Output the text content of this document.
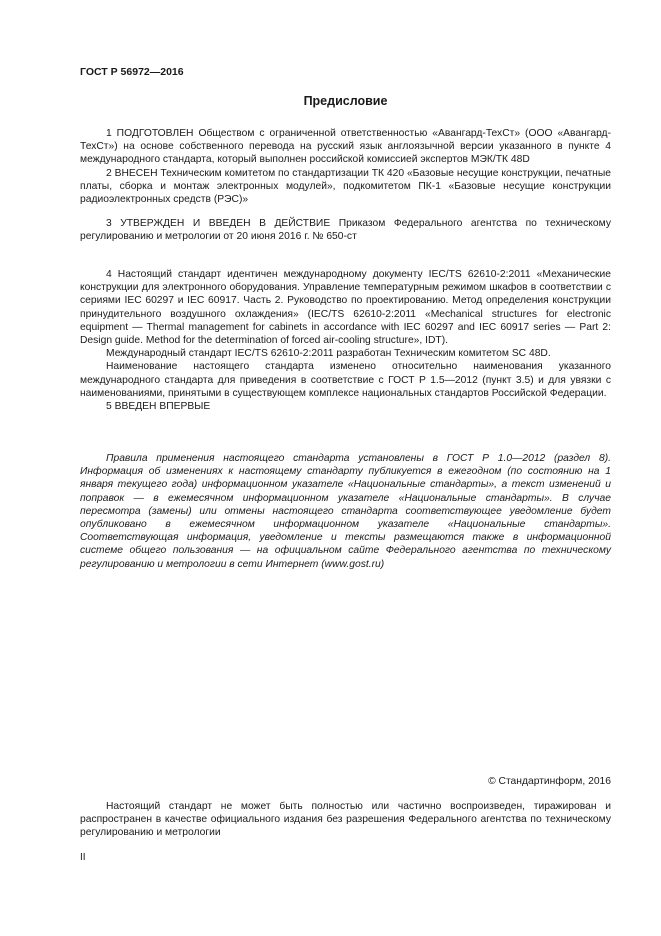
ГОСТ Р 56972—2016
Предисловие

1 ПОДГОТОВЛЕН Обществом с ограниченной ответственностью «Авангард-ТехСт» (ООО «Авангард-ТехСт») на основе собственного перевода на русский язык англоязычной версии указанного в пункте 4 международного стандарта, который выполнен российской комиссией экспертов МЭК/ТК 48D

2 ВНЕСЕН Техническим комитетом по стандартизации ТК 420 «Базовые несущие конструкции, печатные платы, сборка и монтаж электронных модулей», подкомитетом ПК-1 «Базовые несущие конструкции радиоэлектронных средств (РЭС)»

3 УТВЕРЖДЕН И ВВЕДЕН В ДЕЙСТВИЕ Приказом Федерального агентства по техническому регулированию и метрологии от 20 июня 2016 г. № 650-ст

4 Настоящий стандарт идентичен международному документу IEC/TS 62610-2:2011 «Механические конструкции для электронного оборудования. Управление температурным режимом шкафов в соответствии с сериями IEC 60297 и IEC 60917. Часть 2. Руководство по проектированию. Метод определения конструкции принудительного воздушного охлаждения» (IEC/TS 62610-2:2011 «Mechanical structures for electronic equipment — Thermal management for cabinets in accordance with IEC 60297 and IEC 60917 series — Part 2: Design guide. Method for the determination of forced air-cooling structure», IDT).

Международный стандарт IEC/TS 62610-2:2011 разработан Техническим комитетом SC 48D.

Наименование настоящего стандарта изменено относительно наименования указанного международного стандарта для приведения в соответствие с ГОСТ Р 1.5—2012 (пункт 3.5) и для увязки с наименованиями, принятыми в существующем комплексе национальных стандартов Российской Федерации.

5 ВВЕДЕН ВПЕРВЫЕ

Правила применения настоящего стандарта установлены в ГОСТ Р 1.0—2012 (раздел 8). Информация об изменениях к настоящему стандарту публикуется в ежегодном (по состоянию на 1 января текущего года) информационном указателе «Национальные стандарты», а текст изменений и поправок — в ежемесячном информационном указателе «Национальные стандарты». В случае пересмотра (замены) или отмены настоящего стандарта соответствующее уведомление будет опубликовано в ежемесячном информационном указателе «Национальные стандарты». Соответствующая информация, уведомление и тексты размещаются также в информационной системе общего пользования — на официальном сайте Федерального агентства по техническому регулированию и метрологии в сети Интернет (www.gost.ru)

© Стандартинформ, 2016

Настоящий стандарт не может быть полностью или частично воспроизведен, тиражирован и распространен в качестве официального издания без разрешения Федерального агентства по техническому регулированию и метрологии

II
